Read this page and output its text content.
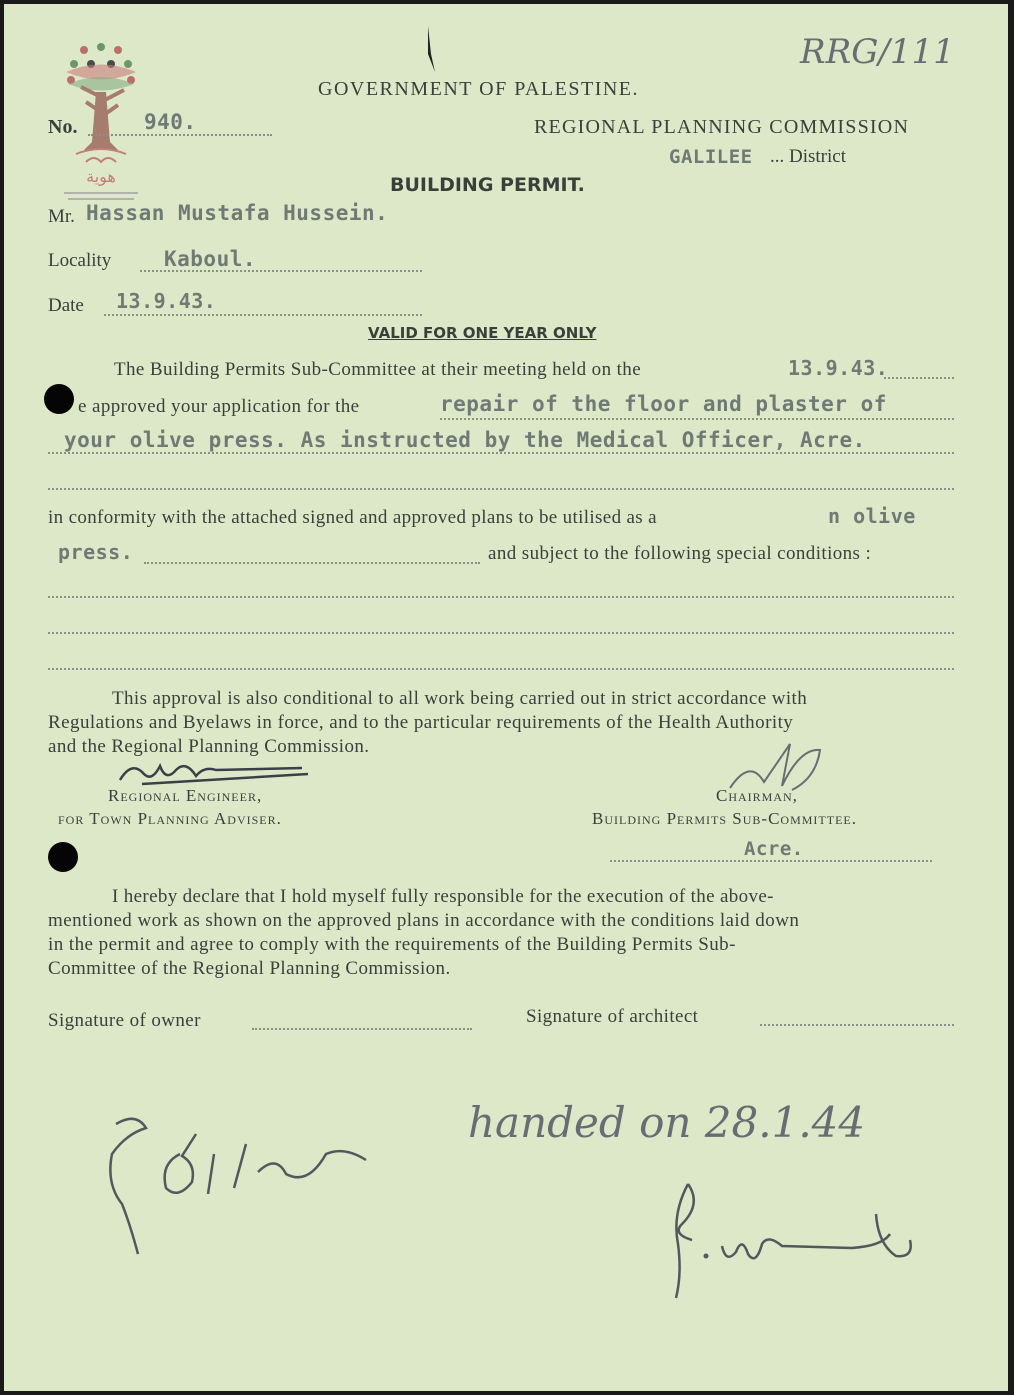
هوية
RRG/111
GOVERNMENT OF PALESTINE.
No.	940.	REGIONAL PLANNING COMMISSION
GALILEE ... District
BUILDING PERMIT.
Mr. Hassan Mustafa Hussein.
Locality	Kaboul.
Date 13.9.43.
VALID FOR ONE YEAR ONLY
The Building Permits Sub-Committee at their meeting held on the	13.9.43.
e approved your application for the	repair of the floor and plaster of
your olive press. As instructed by the Medical Officer, Acre.
in conformity with the attached signed and approved plans to be utilised as a	n olive
press.	and subject to the following special conditions :
This approval is also conditional to all work being carried out in strict accordance with
Regulations and Byelaws in force, and to the particular requirements of the Health Authority
and the Regional Planning Commission.
Regional Engineer,
for Town Planning Adviser.
Chairman,
Building Permits Sub-Committee.
Acre.
I hereby declare that I hold myself fully responsible for the execution of the above-
mentioned work as shown on the approved plans in accordance with the conditions laid down
in the permit and agree to comply with the requirements of the Building Permits Sub-
Committee of the Regional Planning Commission.
Signature of owner	Signature of architect
handed on 28.1.44
